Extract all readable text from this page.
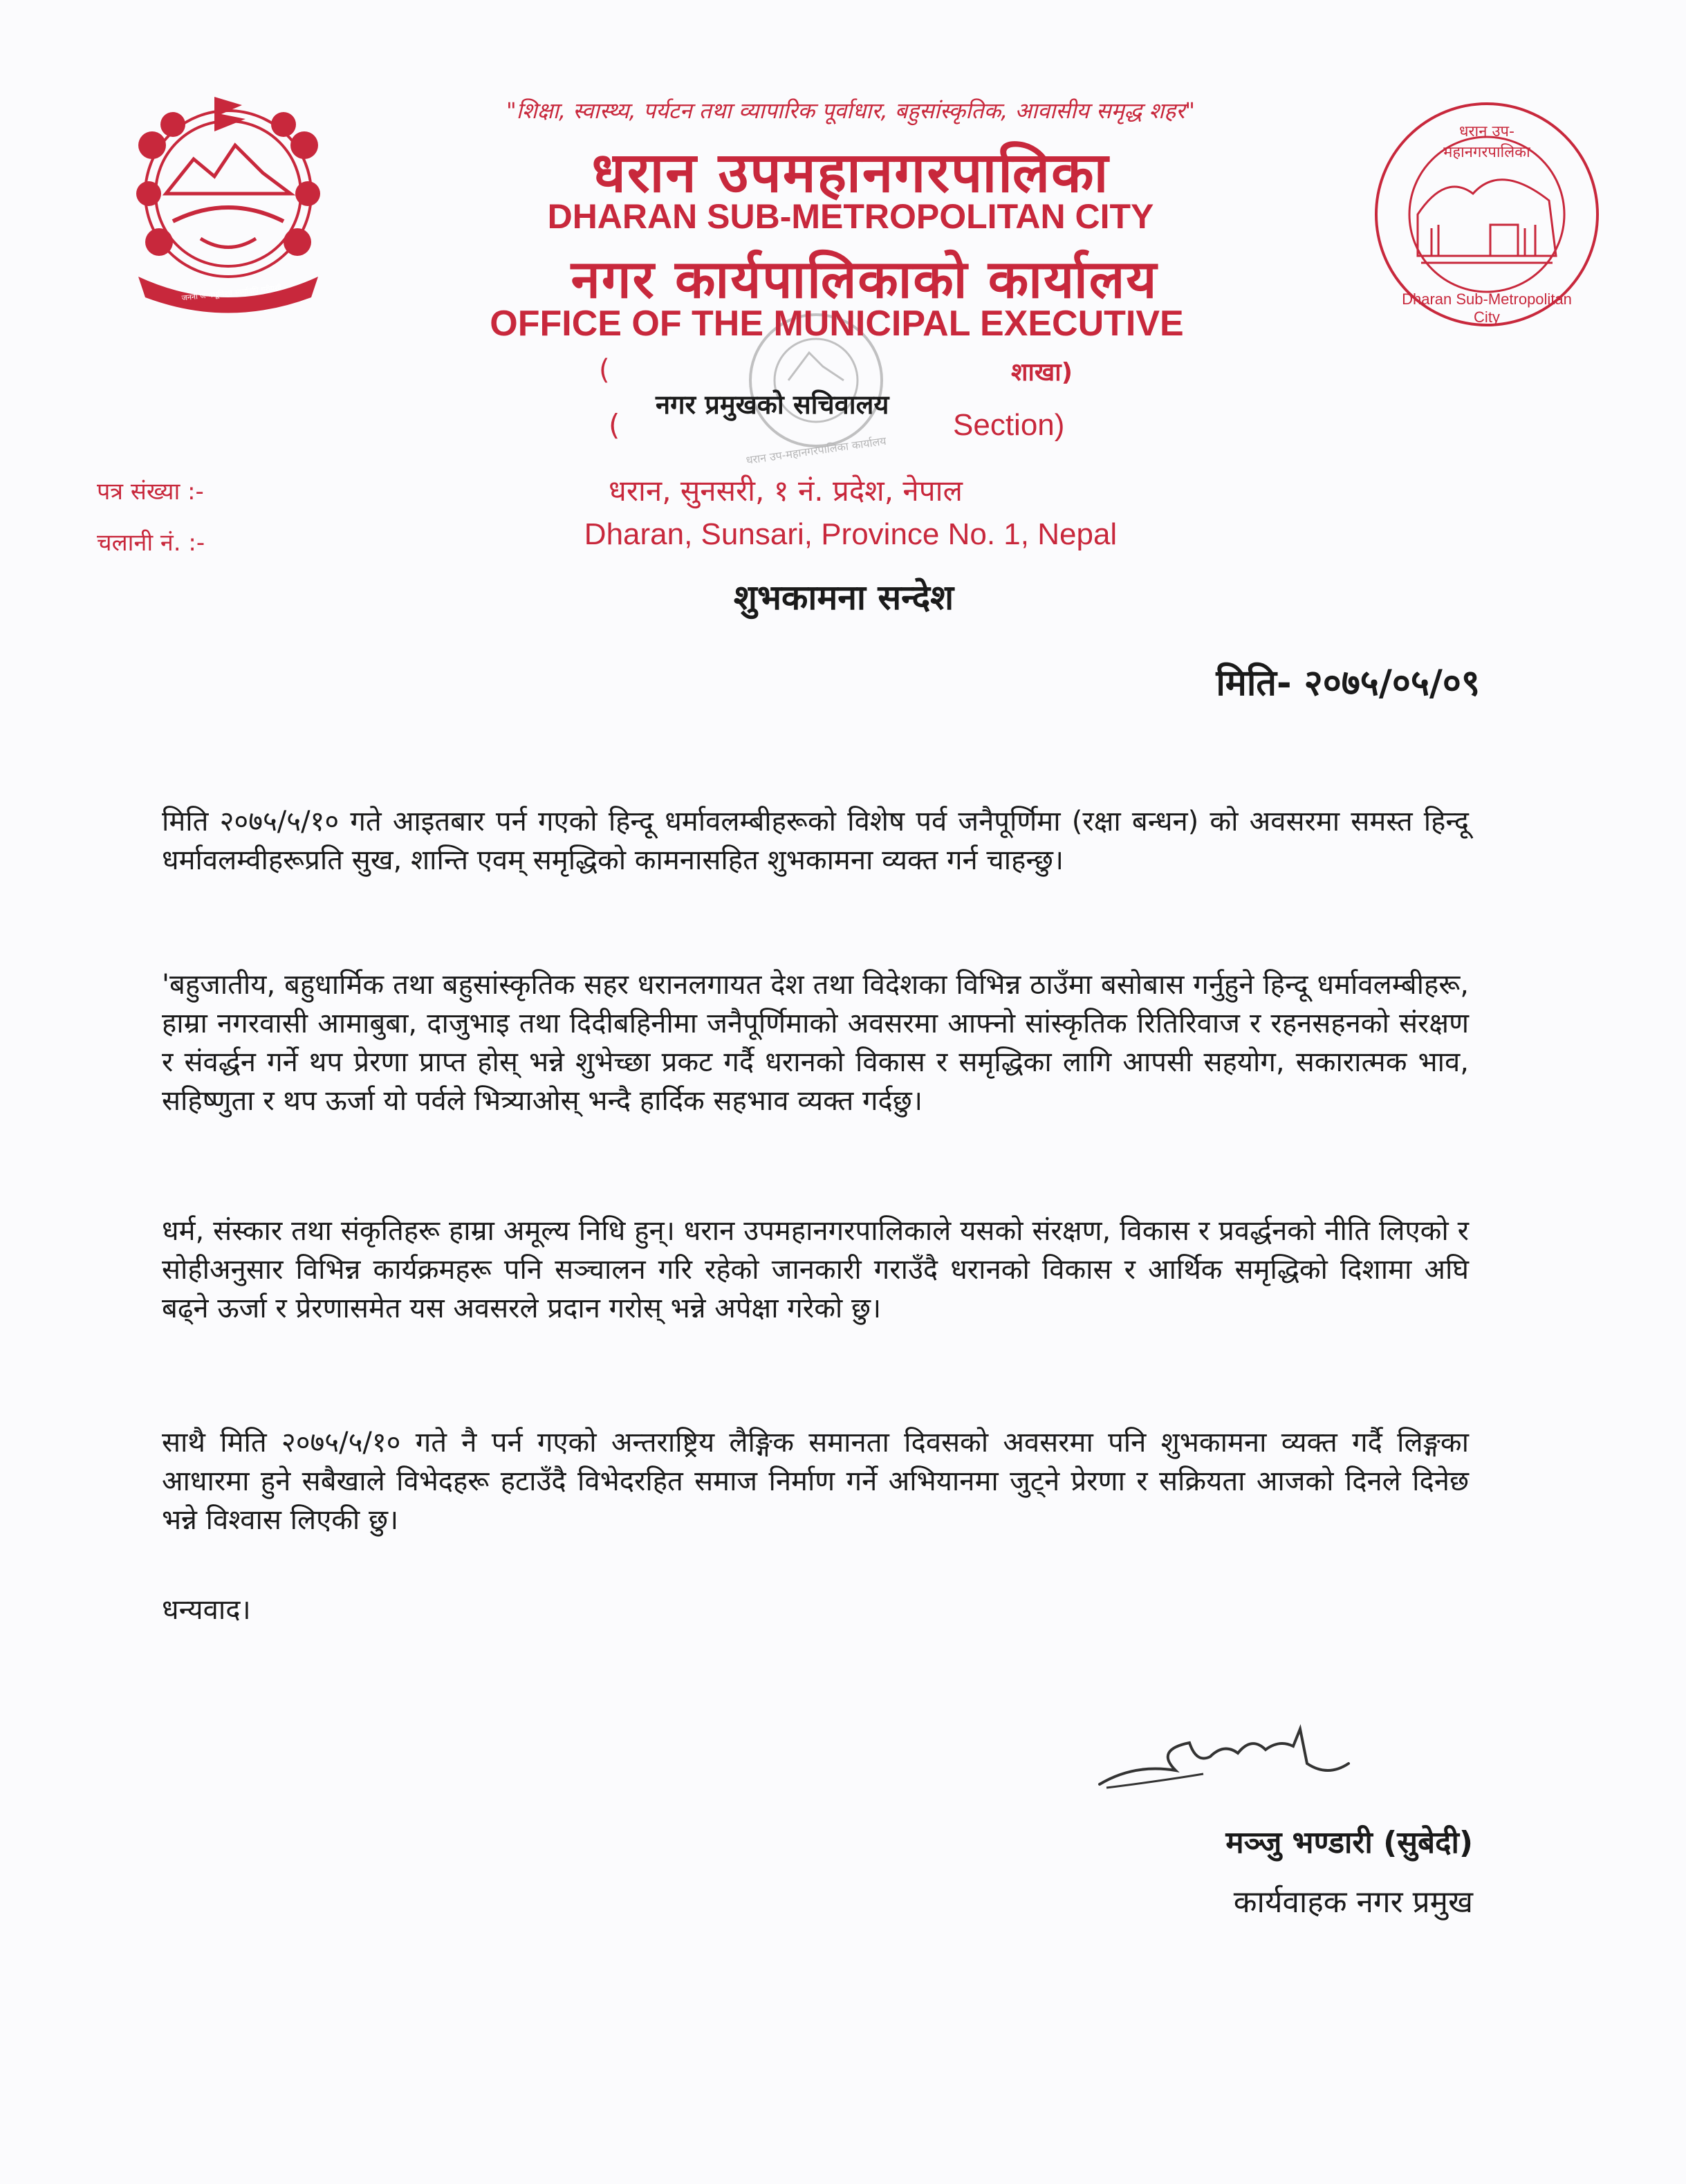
जननी जन्मभूमिश्च स्वर्गादपि गरीयसी
धरान उप-महानगरपालिका
Dharan Sub-Metropolitan City
धरान उप-महानगरपालिका कार्यालय
"शिक्षा, स्वास्थ्य, पर्यटन तथा व्यापारिक पूर्वाधार, बहुसांस्कृतिक, आवासीय समृद्ध शहर"
धरान उपमहानगरपालिका
DHARAN SUB-METROPOLITAN CITY
नगर कार्यपालिकाको कार्यालय
OFFICE OF THE MUNICIPAL EXECUTIVE
(	शाखा)
नगर प्रमुखको सचिवालय
(	Section)
पत्र संख्या :-
चलानी नं. :-
धरान, सुनसरी, १ नं. प्रदेश, नेपाल
Dharan, Sunsari, Province No. 1, Nepal
शुभकामना सन्देश
मिति- २०७५/०५/०९
मिति २०७५/५/१० गते आइतबार पर्न गएको हिन्दू धर्मावलम्बीहरूको विशेष पर्व जनैपूर्णिमा (रक्षा बन्धन) को अवसरमा समस्त हिन्दू धर्मावलम्वीहरूप्रति सुख, शान्ति एवम् समृद्धिको कामनासहित शुभकामना व्यक्त गर्न चाहन्छु।
'बहुजातीय, बहुधार्मिक तथा बहुसांस्कृतिक सहर धरानलगायत देश तथा विदेशका विभिन्न ठाउँमा बसोबास गर्नुहुने हिन्दू धर्मावलम्बीहरू, हाम्रा नगरवासी आमाबुबा, दाजुभाइ तथा दिदीबहिनीमा जनैपूर्णिमाको अवसरमा आफ्नो सांस्कृतिक रितिरिवाज र रहनसहनको संरक्षण र संवर्द्धन गर्ने थप प्रेरणा प्राप्त होस् भन्ने शुभेच्छा प्रकट गर्दै धरानको विकास र समृद्धिका लागि आपसी सहयोग, सकारात्मक भाव, सहिष्णुता र थप ऊर्जा यो पर्वले भित्र्याओस् भन्दै हार्दिक सहभाव व्यक्त गर्दछु।
धर्म, संस्कार तथा संकृतिहरू हाम्रा अमूल्य निधि हुन्। धरान उपमहानगरपालिकाले यसको संरक्षण, विकास र प्रवर्द्धनको नीति लिएको र सोहीअनुसार विभिन्न कार्यक्रमहरू पनि सञ्चालन गरि रहेको जानकारी गराउँदै धरानको विकास र आर्थिक समृद्धिको दिशामा अघि बढ्ने ऊर्जा र प्रेरणासमेत यस अवसरले प्रदान गरोस् भन्ने अपेक्षा गरेको छु।
साथै मिति २०७५/५/१० गते नै पर्न गएको अन्तराष्ट्रिय लैङ्गिक समानता दिवसको अवसरमा पनि शुभकामना व्यक्त गर्दै लिङ्गका आधारमा हुने सबैखाले विभेदहरू हटाउँदै विभेदरहित समाज निर्माण गर्ने अभियानमा जुट्ने प्रेरणा र सक्रियता आजको दिनले दिनेछ भन्ने विश्वास लिएकी छु।
धन्यवाद।
मञ्जु भण्डारी (सुबेदी)
कार्यवाहक नगर प्रमुख
